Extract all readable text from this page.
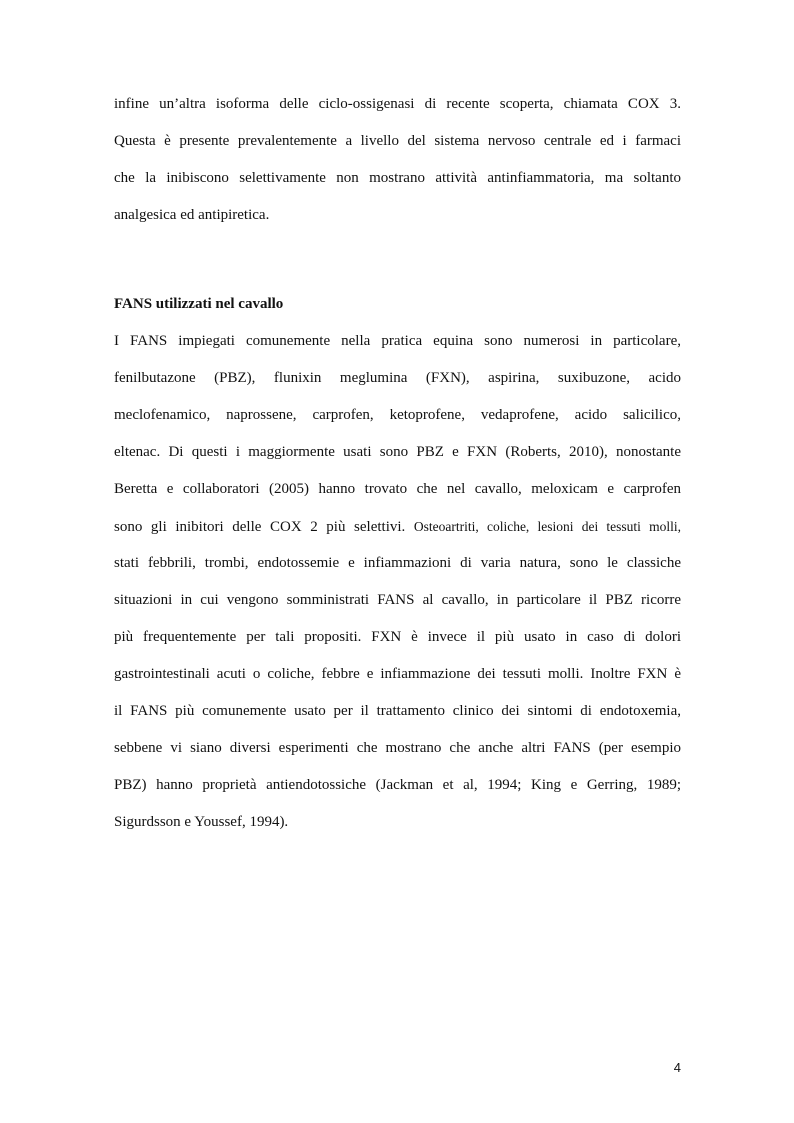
infine un’altra isoforma delle ciclo-ossigenasi di recente scoperta, chiamata COX 3.
Questa è presente prevalentemente a livello del sistema nervoso centrale ed i farmaci
che la inibiscono selettivamente non mostrano attività antinfiammatoria, ma soltanto
analgesica ed antipiretica.
FANS utilizzati nel cavallo
I FANS impiegati comunemente nella pratica equina sono numerosi in particolare,
fenilbutazone (PBZ), flunixin meglumina (FXN), aspirina, suxibuzone, acido
meclofenamico, naprossene, carprofen, ketoprofene, vedaprofene, acido salicilico,
eltenac. Di questi i maggiormente usati sono PBZ e FXN (Roberts, 2010), nonostante
Beretta e collaboratori (2005) hanno trovato che nel cavallo, meloxicam e carprofen
sono gli inibitori delle COX 2 più selettivi. Osteoartriti, coliche, lesioni dei tessuti molli,
stati febbrili, trombi, endotossemie e infiammazioni di varia natura, sono le classiche
situazioni in cui vengono somministrati FANS al cavallo, in particolare il PBZ ricorre
più frequentemente per tali propositi. FXN è invece il più usato in caso di dolori
gastrointestinali acuti o coliche, febbre e infiammazione dei tessuti molli. Inoltre FXN è
il FANS più comunemente usato per il trattamento clinico dei sintomi di endotoxemia,
sebbene vi siano diversi esperimenti che mostrano che anche altri FANS (per esempio
PBZ) hanno proprietà antiendotossiche (Jackman et al, 1994; King e Gerring, 1989;
Sigurdsson e Youssef, 1994).
4
